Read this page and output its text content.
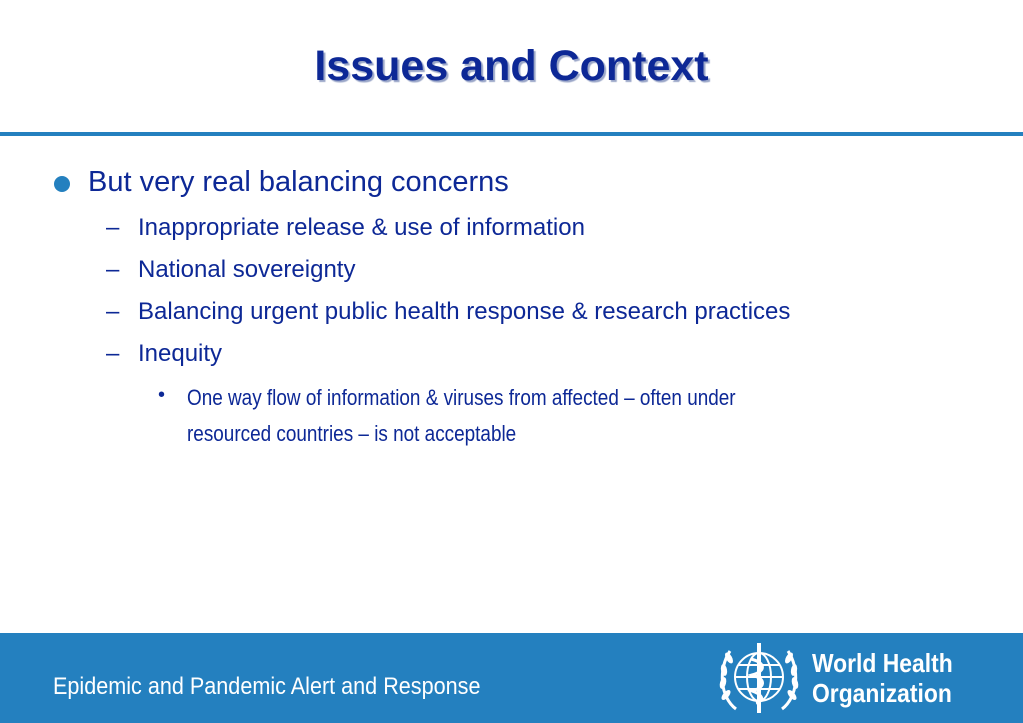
Issues and Context
But very real balancing concerns
– Inappropriate release & use of information
– National sovereignty
– Balancing urgent public health response & research practices
– Inequity
• One way flow of information & viruses from affected – often under resourced countries – is not acceptable
Epidemic and Pandemic Alert and Response
World Health
Organization
